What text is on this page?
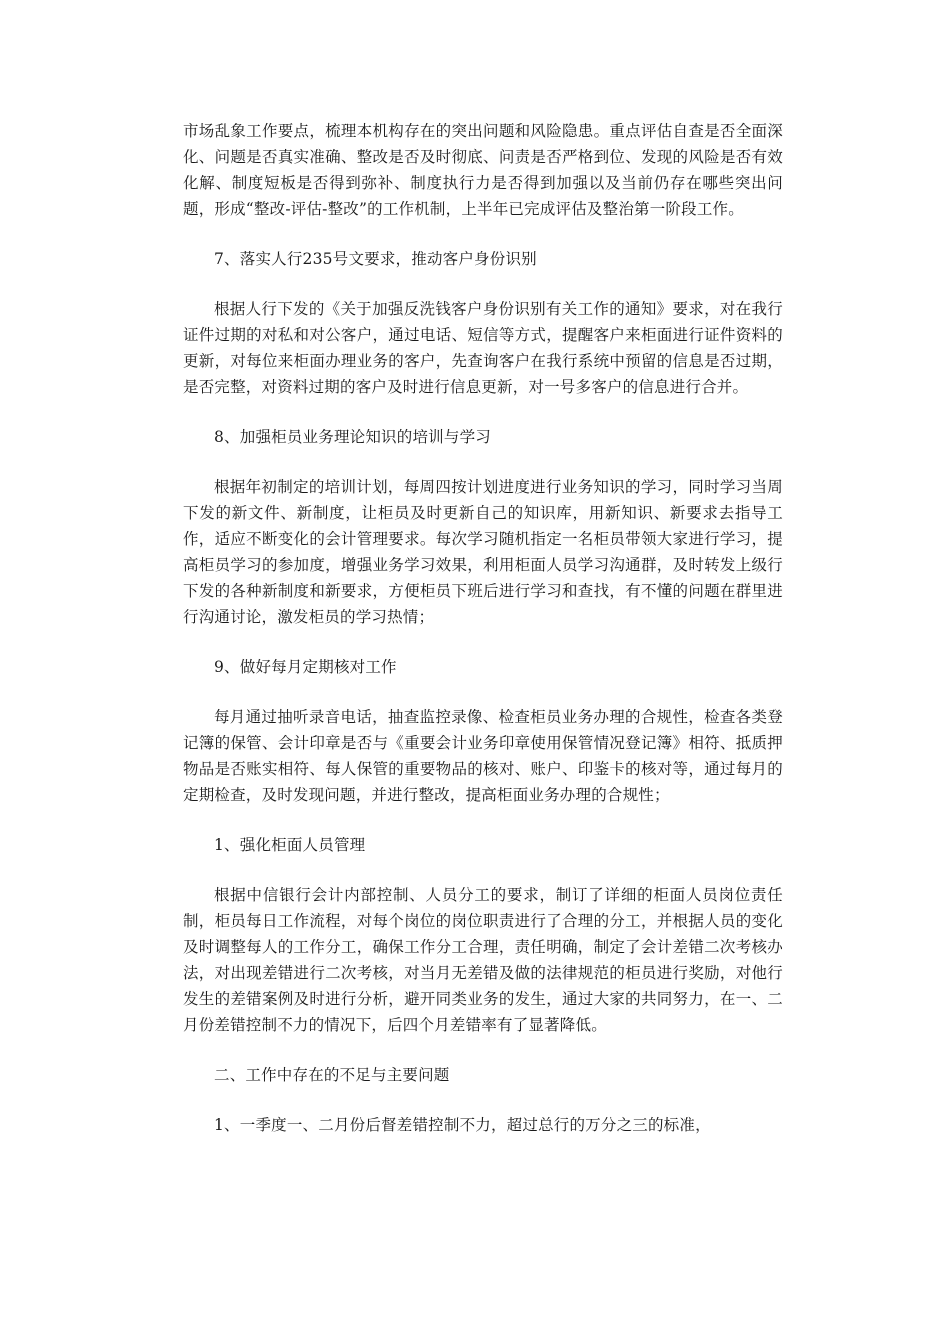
市场乱象工作要点，梳理本机构存在的突出问题和风险隐患。重点评估自查是否全面深化、问题是否真实准确、整改是否及时彻底、问责是否严格到位、发现的风险是否有效化解、制度短板是否得到弥补、制度执行力是否得到加强以及当前仍存在哪些突出问题，形成“整改-评估-整改”的工作机制，上半年已完成评估及整治第一阶段工作。

7、落实人行235号文要求，推动客户身份识别

根据人行下发的《关于加强反洗钱客户身份识别有关工作的通知》要求，对在我行证件过期的对私和对公客户，通过电话、短信等方式，提醒客户来柜面进行证件资料的更新，对每位来柜面办理业务的客户，先查询客户在我行系统中预留的信息是否过期，是否完整，对资料过期的客户及时进行信息更新，对一号多客户的信息进行合并。

8、加强柜员业务理论知识的培训与学习

根据年初制定的培训计划，每周四按计划进度进行业务知识的学习，同时学习当周下发的新文件、新制度，让柜员及时更新自己的知识库，用新知识、新要求去指导工作，适应不断变化的会计管理要求。每次学习随机指定一名柜员带领大家进行学习，提高柜员学习的参加度，增强业务学习效果，利用柜面人员学习沟通群，及时转发上级行下发的各种新制度和新要求，方便柜员下班后进行学习和查找，有不懂的问题在群里进行沟通讨论，激发柜员的学习热情；

9、做好每月定期核对工作

每月通过抽听录音电话，抽查监控录像、检查柜员业务办理的合规性，检查各类登记簿的保管、会计印章是否与《重要会计业务印章使用保管情况登记簿》相符、抵质押物品是否账实相符、每人保管的重要物品的核对、账户、印鉴卡的核对等，通过每月的定期检查，及时发现问题，并进行整改，提高柜面业务办理的合规性；

1、强化柜面人员管理

根据中信银行会计内部控制、人员分工的要求，制订了详细的柜面人员岗位责任制，柜员每日工作流程，对每个岗位的岗位职责进行了合理的分工，并根据人员的变化及时调整每人的工作分工，确保工作分工合理，责任明确，制定了会计差错二次考核办法，对出现差错进行二次考核，对当月无差错及做的法律规范的柜员进行奖励，对他行发生的差错案例及时进行分析，避开同类业务的发生，通过大家的共同努力，在一、二月份差错控制不力的情况下，后四个月差错率有了显著降低。

二、工作中存在的不足与主要问题

1、一季度一、二月份后督差错控制不力，超过总行的万分之三的标准，
